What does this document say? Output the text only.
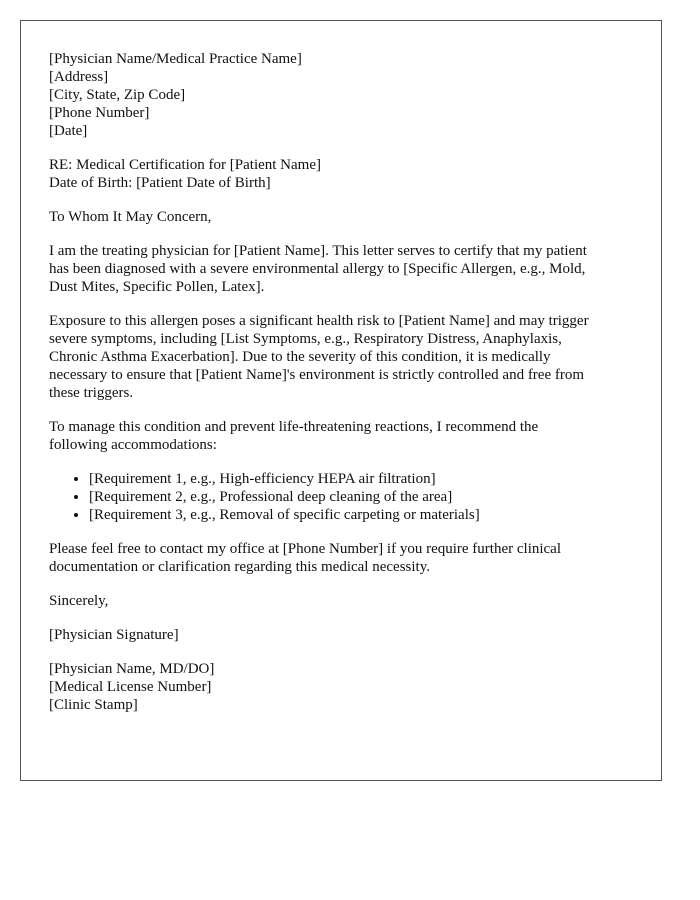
[Physician Name/Medical Practice Name]
[Address]
[City, State, Zip Code]
[Phone Number]
[Date]
RE: Medical Certification for [Patient Name]
Date of Birth: [Patient Date of Birth]

To Whom It May Concern,

I am the treating physician for [Patient Name]. This letter serves to certify that my patient
has been diagnosed with a severe environmental allergy to [Specific Allergen, e.g., Mold,
Dust Mites, Specific Pollen, Latex].
Exposure to this allergen poses a significant health risk to [Patient Name] and may trigger
severe symptoms, including [List Symptoms, e.g., Respiratory Distress, Anaphylaxis,
Chronic Asthma Exacerbation]. Due to the severity of this condition, it is medically
necessary to ensure that [Patient Name]'s environment is strictly controlled and free from
these triggers.
To manage this condition and prevent life-threatening reactions, I recommend the
following accommodations:
• [Requirement 1, e.g., High-efficiency HEPA air filtration]
• [Requirement 2, e.g., Professional deep cleaning of the area]
• [Requirement 3, e.g., Removal of specific carpeting or materials]
Please feel free to contact my office at [Phone Number] if you require further clinical
documentation or clarification regarding this medical necessity.

Sincerely,

[Physician Signature]

[Physician Name, MD/DO]
[Medical License Number]
[Clinic Stamp]
